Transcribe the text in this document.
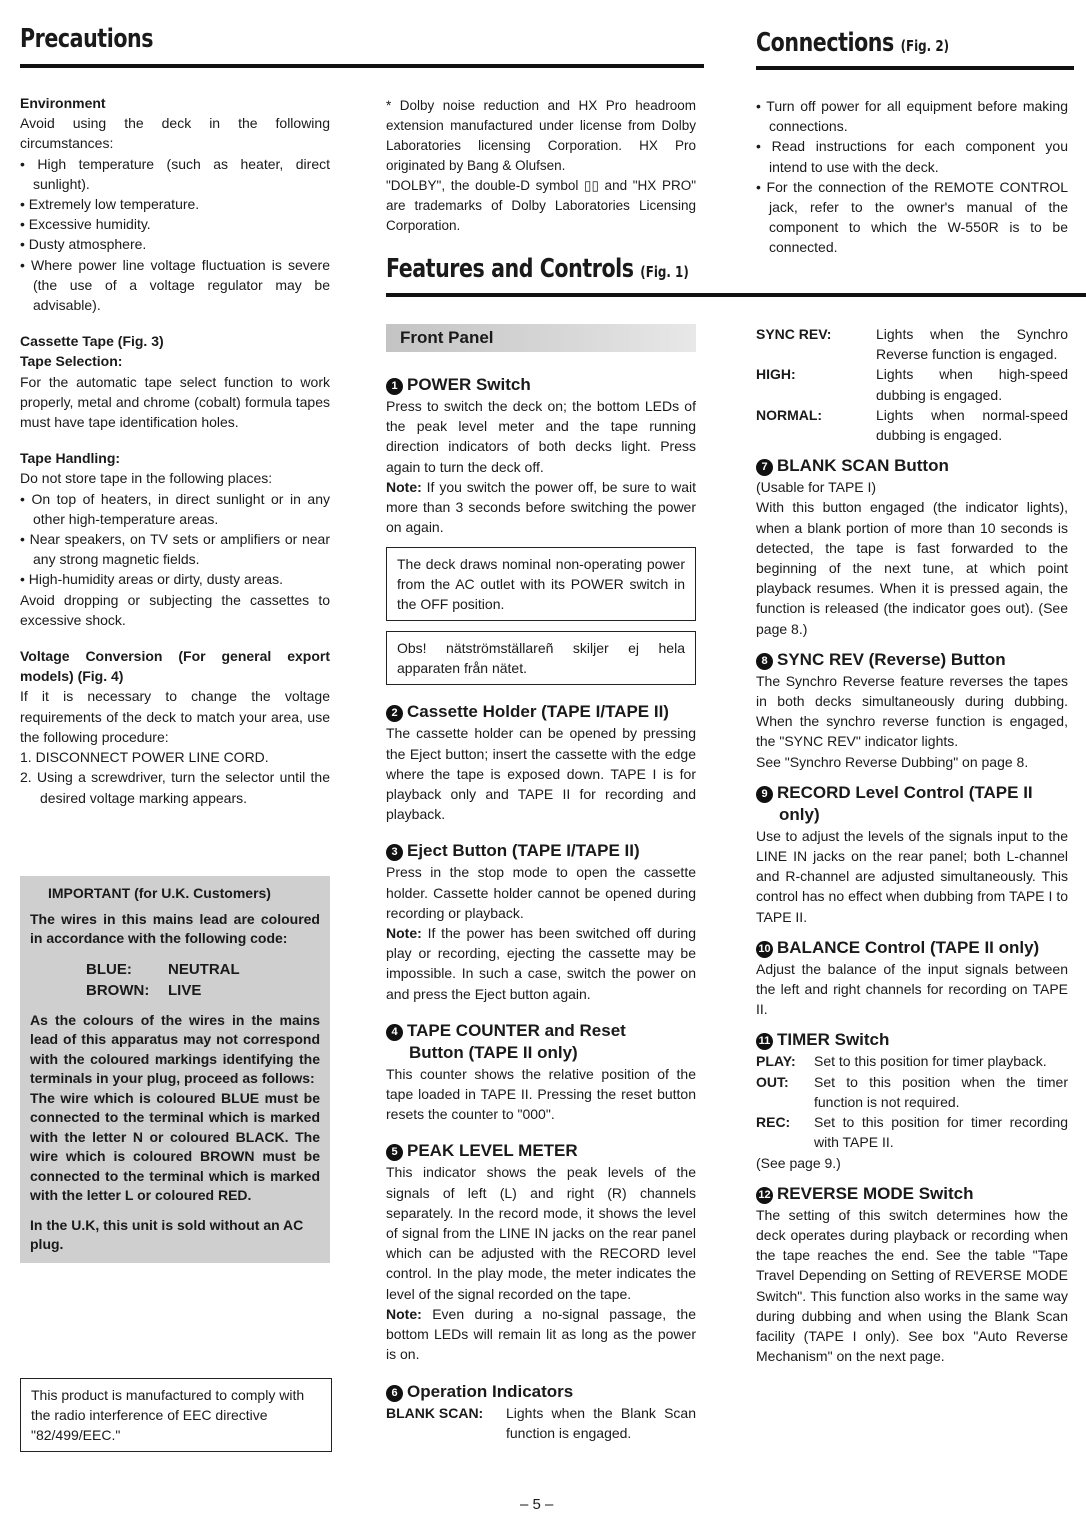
Precautions	Connections (Fig. 2)
Features and Controls (Fig. 1)

Environment

Avoid using the deck in the following circumstances:

• High temperature (such as heater, direct sunlight).

• Extremely low temperature.

• Excessive humidity.

• Dusty atmosphere.

• Where power line voltage fluctuation is severe (the use of a voltage regulator may be advisable).

Cassette Tape (Fig. 3)

Tape Selection:

For the automatic tape select function to work properly, metal and chrome (cobalt) formula tapes must have tape identification holes.

Tape Handling:

Do not store tape in the following places:

• On top of heaters, in direct sunlight or in any other high-temperature areas.

• Near speakers, on TV sets or amplifiers or near any strong magnetic fields.

• High-humidity areas or dirty, dusty areas.

Avoid dropping or subjecting the cassettes to excessive shock.

Voltage Conversion (For general export models) (Fig. 4)

If it is necessary to change the voltage requirements of the deck to match your area, use the following procedure:

1. DISCONNECT POWER LINE CORD.

2. Using a screwdriver, turn the selector until the desired voltage marking appears.

IMPORTANT (for U.K. Customers)

The wires in this mains lead are coloured in accordance with the following code:

BLUE:	NEUTRAL
BROWN:	LIVE

As the colours of the wires in the mains lead of this apparatus may not correspond with the coloured markings identifying the terminals in your plug, proceed as follows:

The wire which is coloured BLUE must be connected to the terminal which is marked with the letter N or coloured BLACK. The wire which is coloured BROWN must be connected to the terminal which is marked with the letter L or coloured RED.

In the U.K, this unit is sold without an AC plug.

This product is manufactured to comply with the radio interference of EEC directive "82/499/EEC."

* Dolby noise reduction and HX Pro headroom extension manufactured under license from Dolby Laboratories licensing Corporation. HX Pro originated by Bang & Olufsen.

"DOLBY", the double-D symbol ▯▯ and "HX PRO" are trademarks of Dolby Laboratories Licensing Corporation.

Front Panel

1 POWER Switch

Press to switch the deck on; the bottom LEDs of the peak level meter and the tape running direction indicators of both decks light. Press again to turn the deck off.

Note: If you switch the power off, be sure to wait more than 3 seconds before switching the power on again.

The deck draws nominal non-operating power from the AC outlet with its POWER switch in the OFF position.
Obs! nätströmställareñ skiljer ej hela apparaten från nätet.

2 Cassette Holder (TAPE I/TAPE II)

The cassette holder can be opened by pressing the Eject button; insert the cassette with the edge where the tape is exposed down. TAPE I is for playback only and TAPE II for recording and playback.

3 Eject Button (TAPE I/TAPE II)

Press in the stop mode to open the cassette holder. Cassette holder cannot be opened during recording or playback.

Note: If the power has been switched off during play or recording, ejecting the cassette may be impossible. In such a case, switch the power on and press the Eject button again.

4 TAPE COUNTER and Reset

Button (TAPE II only)

This counter shows the relative position of the tape loaded in TAPE II. Pressing the reset button resets the counter to "000".

5 PEAK LEVEL METER

This indicator shows the peak levels of the signals of left (L) and right (R) channels separately. In the record mode, it shows the level of signal from the LINE IN jacks on the rear panel which can be adjusted with the RECORD level control. In the play mode, the meter indicates the level of the signal recorded on the tape.

Note: Even during a no-signal passage, the bottom LEDs will remain lit as long as the power is on.

6 Operation Indicators

BLANK SCAN:	Lights when the Blank Scan function is engaged.
– 5 –

• Turn off power for all equipment before making connections.

• Read instructions for each component you intend to use with the deck.

• For the connection of the REMOTE CONTROL jack, refer to the owner's manual of the component to which the W-550R is to be connected.

SYNC REV:	Lights when the Synchro Reverse function is engaged.
HIGH:	Lights when high-speed dubbing is engaged.
NORMAL:	Lights when normal-speed dubbing is engaged.

7 BLANK SCAN Button

(Usable for TAPE I)

With this button engaged (the indicator lights), when a blank portion of more than 10 seconds is detected, the tape is fast forwarded to the beginning of the next tune, at which point playback resumes. When it is pressed again, the function is released (the indicator goes out). (See page 8.)

8 SYNC REV (Reverse) Button

The Synchro Reverse feature reverses the tapes in both decks simultaneously during dubbing. When the synchro reverse function is engaged, the "SYNC REV" indicator lights.

See "Synchro Reverse Dubbing" on page 8.

9 RECORD Level Control (TAPE II

only)

Use to adjust the levels of the signals input to the LINE IN jacks on the rear panel; both L-channel and R-channel are adjusted simultaneously. This control has no effect when dubbing from TAPE I to TAPE II.

10 BALANCE Control (TAPE II only)

Adjust the balance of the input signals between the left and right channels for recording on TAPE II.

11 TIMER Switch

PLAY:	Set to this position for timer playback.
OUT:	Set to this position when the timer function is not required.
REC:	Set to this position for timer recording with TAPE II.

(See page 9.)

12 REVERSE MODE Switch

The setting of this switch determines how the deck operates during playback or recording when the tape reaches the end. See the table "Tape Travel Depending on Setting of REVERSE MODE Switch". This function also works in the same way during dubbing and when using the Blank Scan facility (TAPE I only). See box "Auto Reverse Mechanism" on the next page.
